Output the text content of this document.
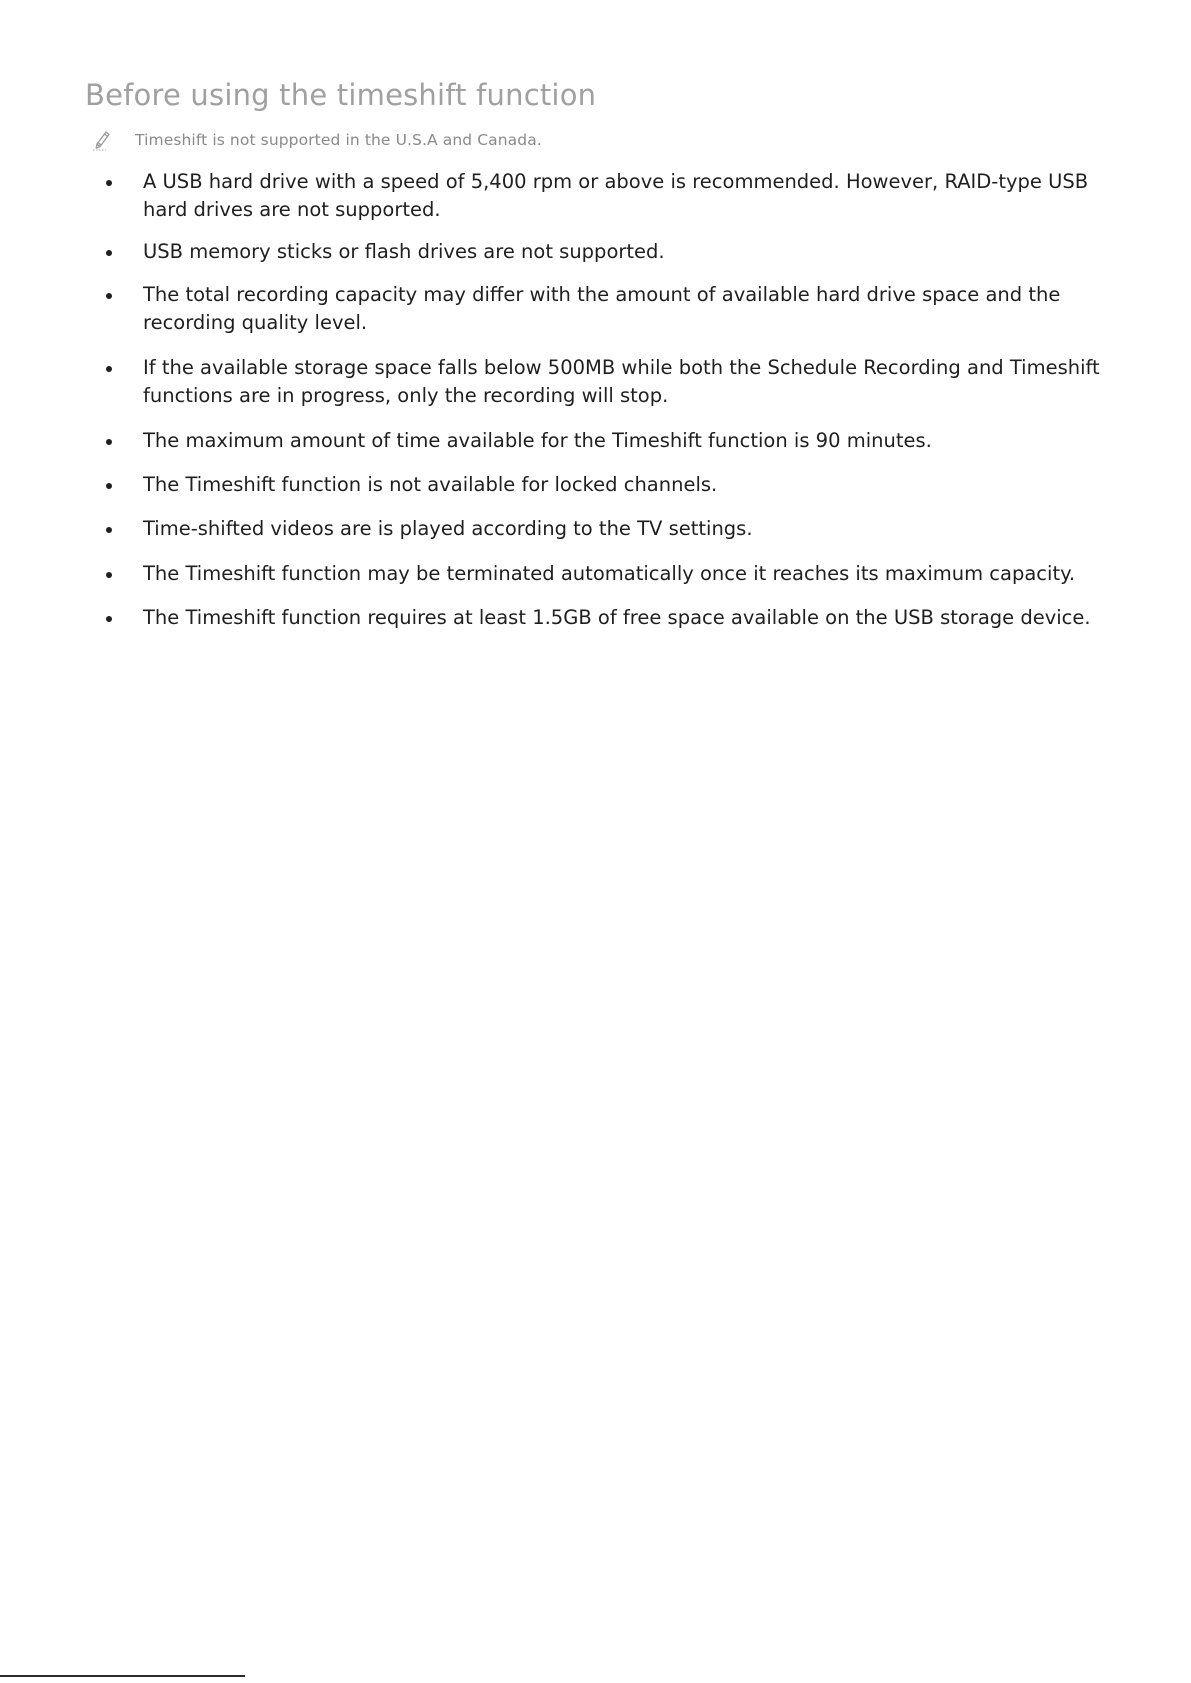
Before using the timeshift function
Timeshift is not supported in the U.S.A and Canada.
A USB hard drive with a speed of 5,400 rpm or above is recommended. However, RAID-type USB hard drives are not supported.
USB memory sticks or flash drives are not supported.
The total recording capacity may differ with the amount of available hard drive space and the recording quality level.
If the available storage space falls below 500MB while both the Schedule Recording and Timeshift functions are in progress, only the recording will stop.
The maximum amount of time available for the Timeshift function is 90 minutes.
The Timeshift function is not available for locked channels.
Time-shifted videos are is played according to the TV settings.
The Timeshift function may be terminated automatically once it reaches its maximum capacity.
The Timeshift function requires at least 1.5GB of free space available on the USB storage device.
